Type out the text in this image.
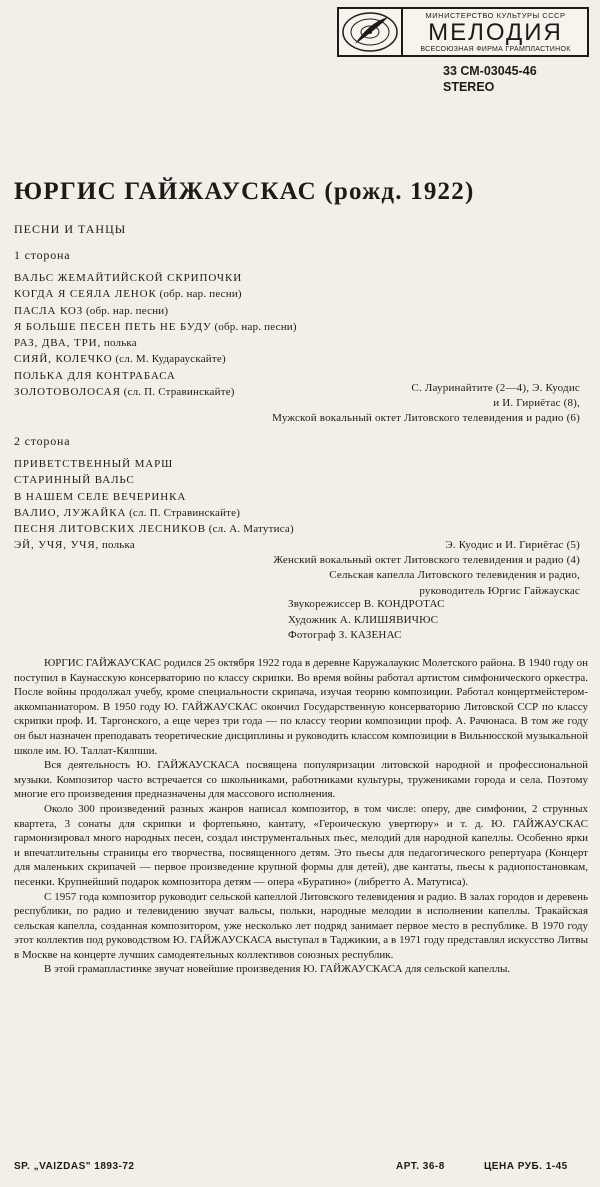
МИНИСТЕРСТВО КУЛЬТУРЫ СССР
МЕЛОДИЯ
ВСЕСОЮЗНАЯ ФИРМА ГРАМПЛАСТИНОК
33 СМ-03045-46
STEREO
ЮРГИС ГАЙЖАУСКАС (рожд. 1922)
ПЕСНИ И ТАНЦЫ
1 сторона
ВАЛЬС ЖЕМАЙТИЙСКОЙ СКРИПОЧКИ
КОГДА Я СЕЯЛА ЛЕНОК (обр. нар. песни)
ПАСЛА КОЗ (обр. нар. песни)
Я БОЛЬШЕ ПЕСЕН ПЕТЬ НЕ БУДУ (обр. нар. песни)
РАЗ, ДВА, ТРИ, полька
СИЯЙ, КОЛЕЧКО (сл. М. Кудараускайте)
ПОЛЬКА ДЛЯ КОНТРАБАСА
ЗОЛОТОВОЛОСАЯ (сл. П. Стравинскайте)	С. Лауринайтите (2—4), Э. Куодис
и И. Гириётас (8),
Мужской вокальный октет Литовского телевидения и радио (6)
2 сторона
ПРИВЕТСТВЕННЫЙ МАРШ
СТАРИННЫЙ ВАЛЬС
В НАШЕМ СЕЛЕ ВЕЧЕРИНКА
ВАЛИО, ЛУЖАЙКА (сл. П. Стравинскайте)
ПЕСНЯ ЛИТОВСКИХ ЛЕСНИКОВ (сл. А. Матутиса)
ЭЙ, УЧЯ, УЧЯ, полька	Э. Куодис и И. Гириётас (5)
Женский вокальный октет Литовского телевидения и радио (4)
Сельская капелла Литовского телевидения и радио,
руководитель Юргис Гайжаускас
Звукорежиссер В. КОНДРОТАС
Художник А. КЛИШЯВИЧЮС
Фотограф З. КАЗЕНАС

ЮРГИС ГАЙЖАУСКАС родился 25 октября 1922 года в деревне Каружалаукис Молетского района. В 1940 году он поступил в Каунасскую консерваторию по классу скрипки. Во время войны работал артистом симфонического оркестра. После войны продолжал учебу, кроме специальности скрипача, изучая теорию композиции. Работал концертмейстером-аккомпаниатором. В 1950 году Ю. ГАЙЖАУСКАС окончил Государственную консерваторию Литовской ССР по классу скрипки проф. И. Таргонского, а еще через три года — по классу теории композиции проф. А. Рачюнаса. В том же году он был назначен преподавать теоретические дисциплины и руководить классом композиции в Вильнюсской музыкальной школе им. Ю. Таллат-Кялпши.

Вся деятельность Ю. ГАЙЖАУСКАСА посвящена популяризации литовской народной и профессиональной музыки. Композитор часто встречается со школьниками, работниками культуры, тружениками города и села. Поэтому многие его произведения предназначены для массового исполнения.

Около 300 произведений разных жанров написал композитор, в том числе: оперу, две симфонии, 2 струнных квартета, 3 сонаты для скрипки и фортепьяно, кантату, «Героическую увертюру» и т. д. Ю. ГАЙЖАУСКАС гармонизировал много народных песен, создал инструментальных пьес, мелодий для народной капеллы. Особенно ярки и впечатлительны страницы его творчества, посвященного детям. Это пьесы для педагогического репертуара (Концерт для маленьких скрипачей — первое произведение крупной формы для детей), две кантаты, пьесы к радиопостановкам, песенки. Крупнейший подарок композитора детям — опера «Буратино» (либретто А. Матутиса).

С 1957 года композитор руководит сельской капеллой Литовского телевидения и радио. В залах городов и деревень республики, по радио и телевидению звучат вальсы, польки, народные мелодии в исполнении капеллы. Тракайская сельская капелла, созданная композитором, уже несколько лет подряд занимает первое место в республике. В 1970 году этот коллектив под руководством Ю. ГАЙЖАУСКАСА выступал в Таджикии, а в 1971 году представлял искусство Литвы в Москве на концерте лучших самодеятельных коллективов союзных республик.

В этой грамапластинке звучат новейшие произведения Ю. ГАЙЖАУСКАСА для сельской капеллы.

SP. „VAIZDAS" 1893-72	АРТ. 36-8	ЦЕНА РУБ. 1-45
